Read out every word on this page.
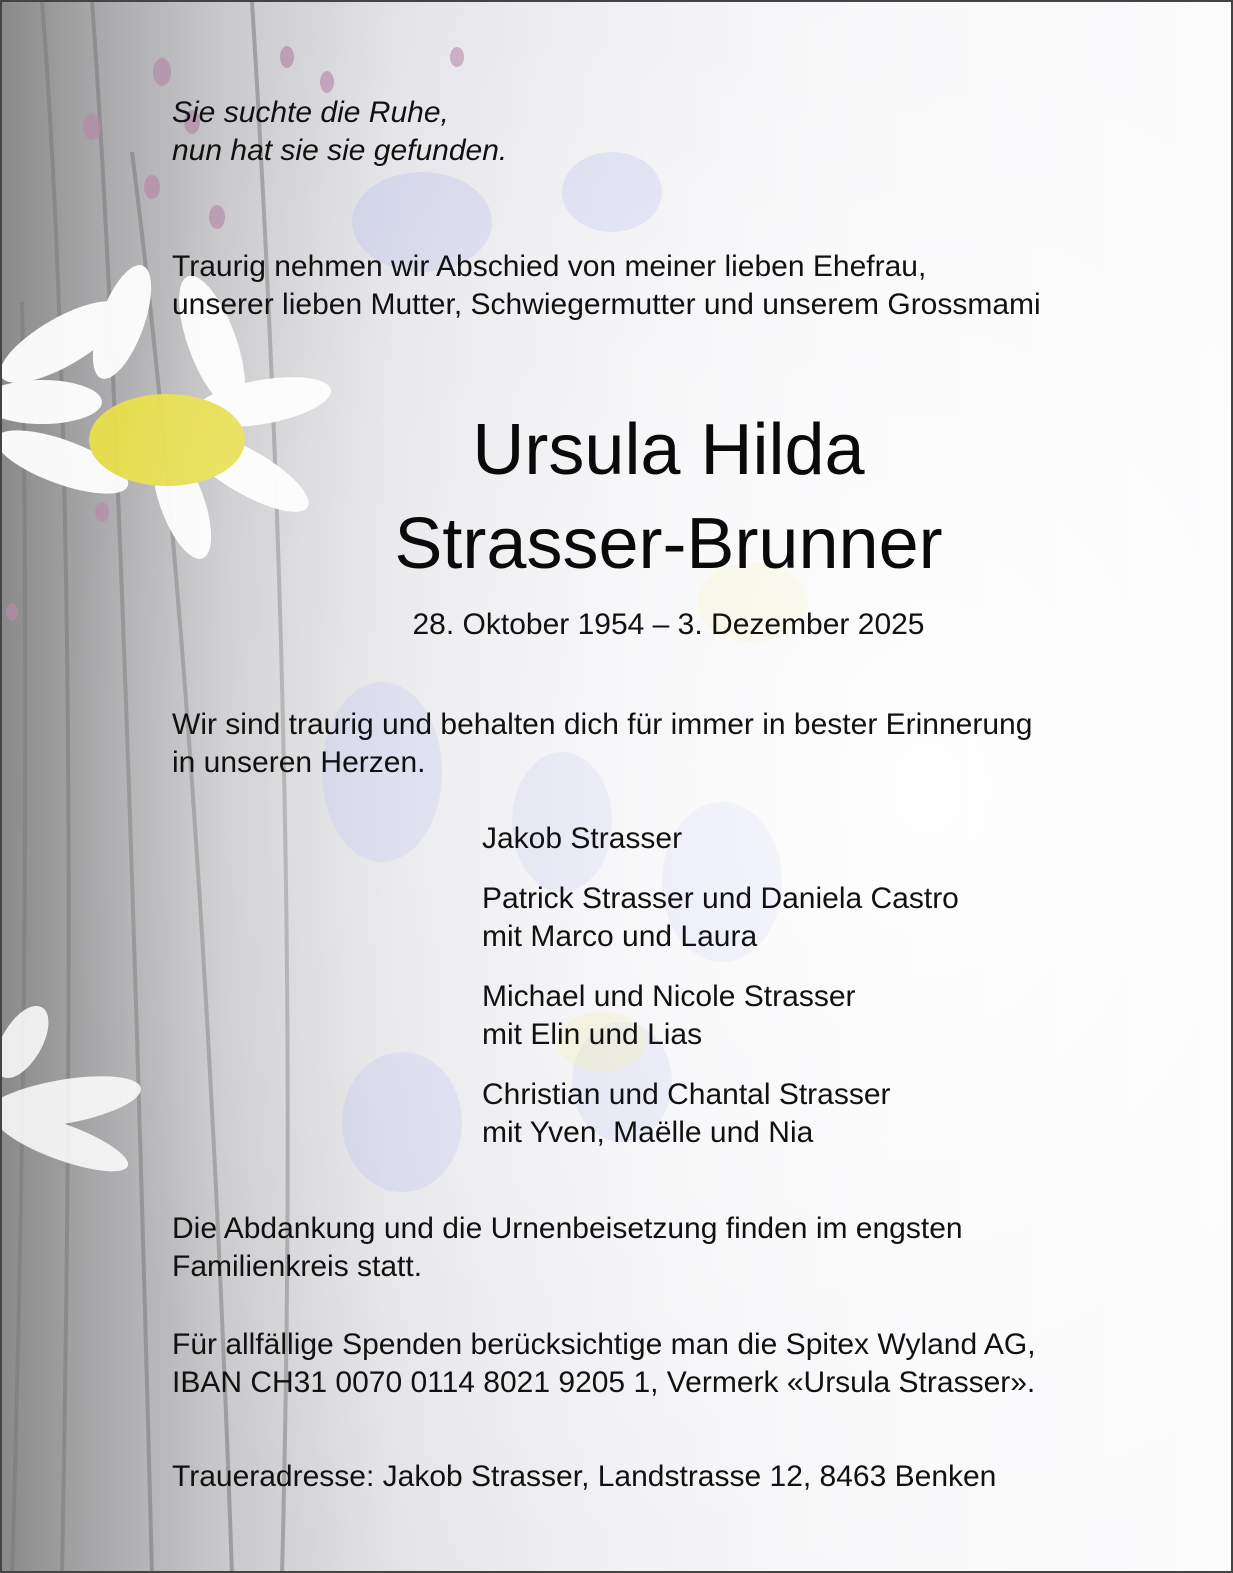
Sie suchte die Ruhe,
nun hat sie sie gefunden.
Traurig nehmen wir Abschied von meiner lieben Ehefrau,
unserer lieben Mutter, Schwiegermutter und unserem Grossmami
Ursula Hilda
Strasser-Brunner
28. Oktober 1954 – 3. Dezember 2025
Wir sind traurig und behalten dich für immer in bester Erinnerung
in unseren Herzen.
Jakob Strasser
Patrick Strasser und Daniela Castro
mit Marco und Laura
Michael und Nicole Strasser
mit Elin und Lias
Christian und Chantal Strasser
mit Yven, Maëlle und Nia
Die Abdankung und die Urnenbeisetzung finden im engsten
Familienkreis statt.
Für allfällige Spenden berücksichtige man die Spitex Wyland AG,
IBAN CH31 0070 0114 8021 9205 1, Vermerk «Ursula Strasser».
Traueradresse: Jakob Strasser, Landstrasse 12, 8463 Benken
